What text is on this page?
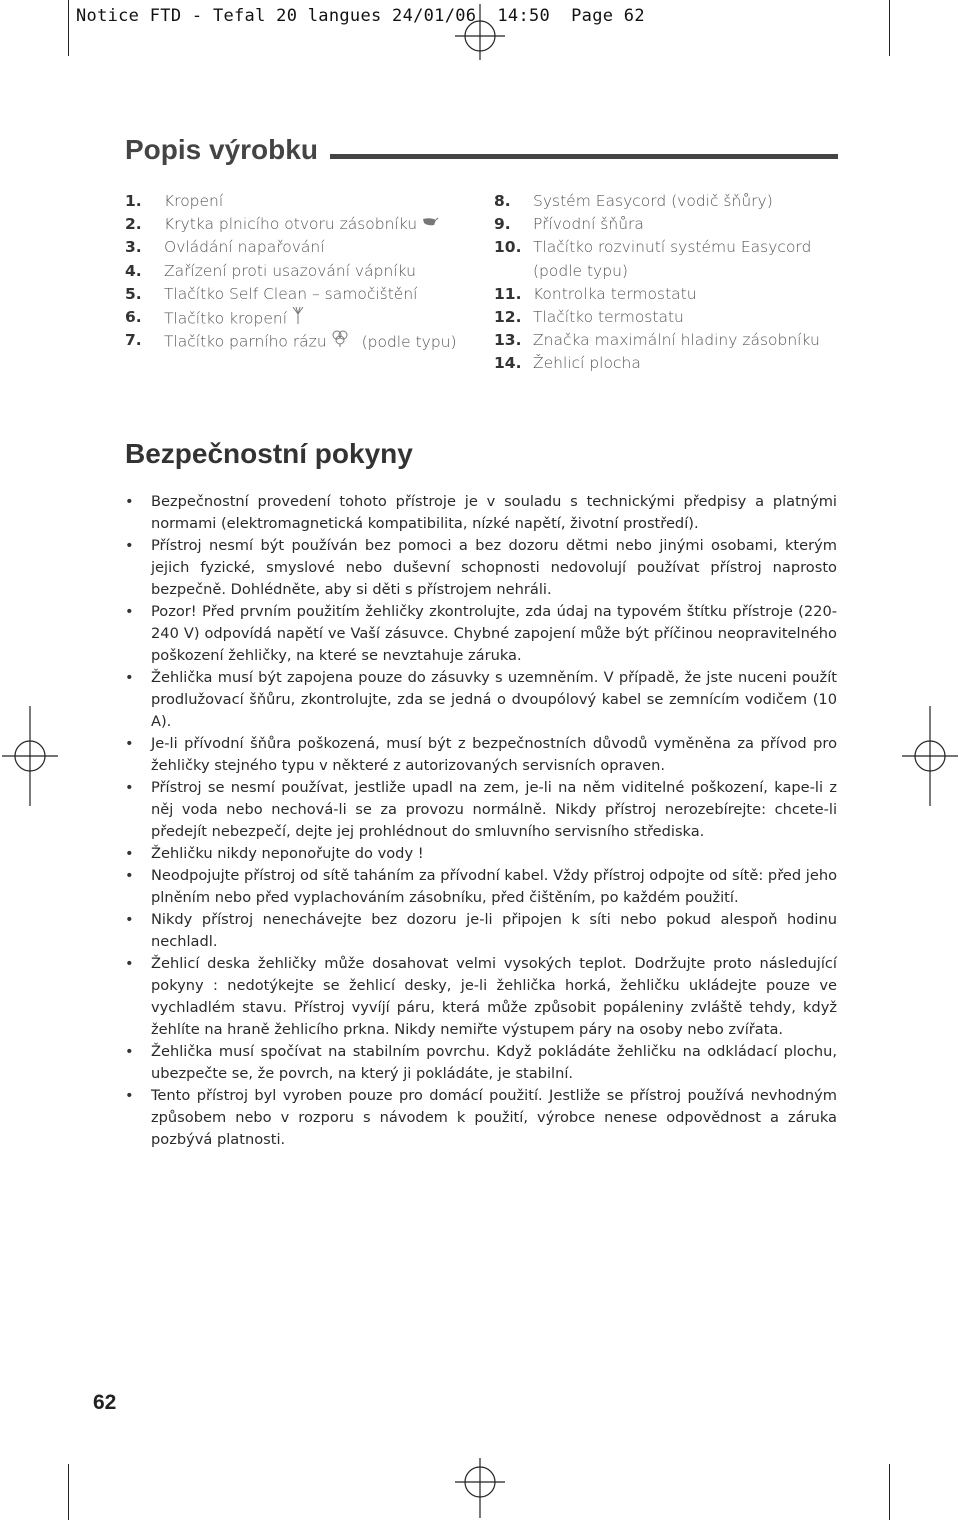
Notice FTD - Tefal 20 langues 24/01/06  14:50  Page 62
Popis výrobku
1. Kropení
2. Krytka plnicího otvoru zásobníku
3. Ovládání napařování
4. Zařízení proti usazování vápníku
5. Tlačítko Self Clean – samočištění
6. Tlačítko kropení
7. Tlačítko parního rázu (podle typu)
8. Systém Easycord (vodič šňůry)
9. Přívodní šňůra
10. Tlačítko rozvinutí systému Easycord
(podle typu)
11. Kontrolka termostatu
12. Tlačítko termostatu
13. Značka maximální hladiny zásobníku
14. Žehlicí plocha
Bezpečnostní pokyny
• Bezpečnostní provedení tohoto přístroje je v souladu s technickými předpisy a platnými normami (elektromagnetická kompatibilita, nízké napětí, životní prostředí).
• Přístroj nesmí být používán bez pomoci a bez dozoru dětmi nebo jinými osobami, kterým jejich fyzické, smyslové nebo duševní schopnosti nedovolují používat přístroj naprosto bezpečně. Dohlédněte, aby si děti s přístrojem nehráli.
• Pozor! Před prvním použitím žehličky zkontrolujte, zda údaj na typovém štítku přístroje (220-240 V) odpovídá napětí ve Vaší zásuvce. Chybné zapojení může být příčinou neopravitelného poškození žehličky, na které se nevztahuje záruka.
• Žehlička musí být zapojena pouze do zásuvky s uzemněním. V případě, že jste nuceni použít prodlužovací šňůru, zkontrolujte, zda se jedná o dvoupólový kabel se zemnícím vodičem (10 A).
• Je-li přívodní šňůra poškozená, musí být z bezpečnostních důvodů vyměněna za přívod pro žehličky stejného typu v některé z autorizovaných servisních opraven.
• Přístroj se nesmí používat, jestliže upadl na zem, je-li na něm viditelné poškození, kape-li z něj voda nebo nechová-li se za provozu normálně. Nikdy přístroj nerozebírejte: chcete-li předejít nebezpečí, dejte jej prohlédnout do smluvního servisního střediska.
• Žehličku nikdy neponořujte do vody !
• Neodpojujte přístroj od sítě taháním za přívodní kabel. Vždy přístroj odpojte od sítě: před jeho plněním nebo před vyplachováním zásobníku, před čištěním, po každém použití.
• Nikdy přístroj nenechávejte bez dozoru je-li připojen k síti nebo pokud alespoň hodinu nechladl.
• Žehlicí deska žehličky může dosahovat velmi vysokých teplot. Dodržujte proto následující pokyny : nedotýkejte se žehlicí desky, je-li žehlička horká, žehličku ukládejte pouze ve vychladlém stavu. Přístroj vyvíjí páru, která může způsobit popáleniny zvláště tehdy, když žehlíte na hraně žehlicího prkna. Nikdy nemiřte výstupem páry na osoby nebo zvířata.
• Žehlička musí spočívat na stabilním povrchu. Když pokládáte žehličku na odkládací plochu, ubezpečte se, že povrch, na který ji pokládáte, je stabilní.
• Tento přístroj byl vyroben pouze pro domácí použití. Jestliže se přístroj používá nevhodným způsobem nebo v rozporu s návodem k použití, výrobce nenese odpovědnost a záruka pozbývá platnosti.
62
